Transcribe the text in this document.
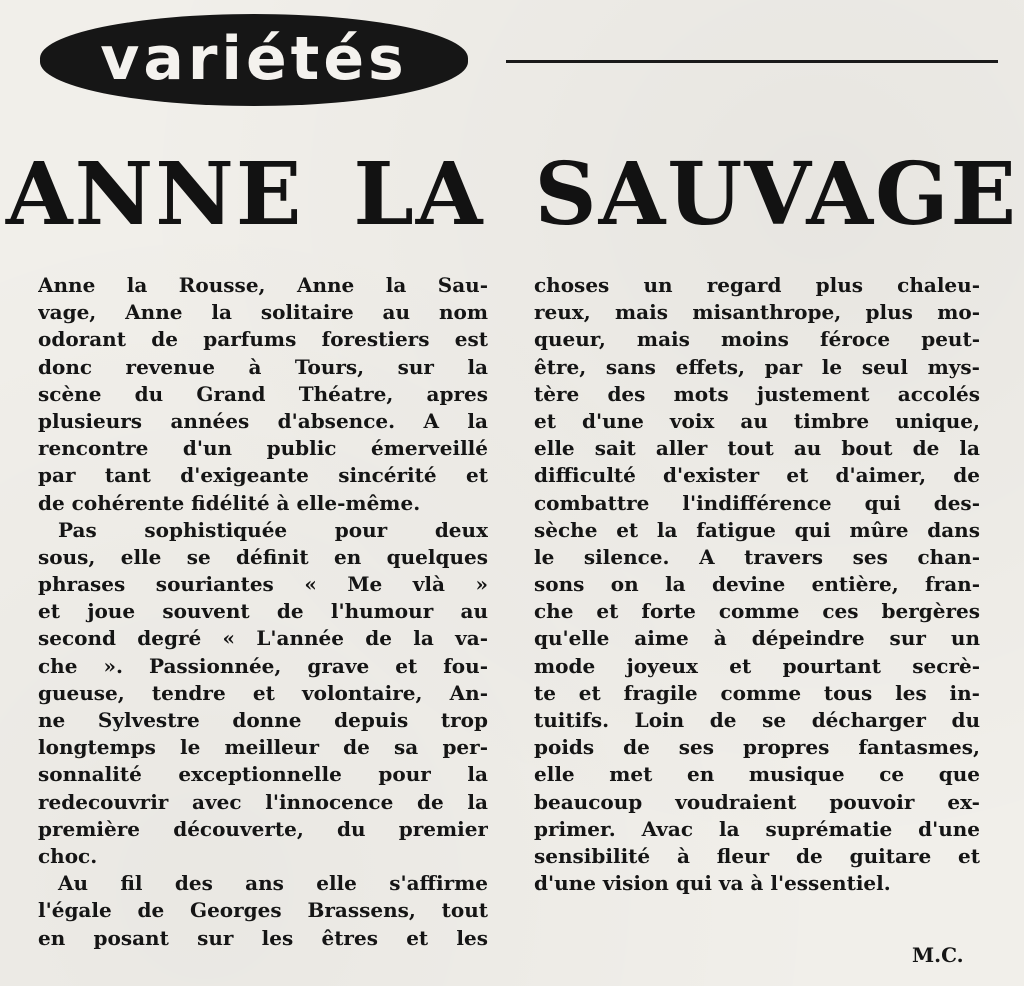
variétés
ANNE LA SAUVAGE
Anne la Rousse, Anne la Sau-
vage, Anne la solitaire au nom
odorant de parfums forestiers est
donc revenue à Tours, sur la
scène du Grand Théatre, apres
plusieurs années d'absence. A la
rencontre d'un public émerveillé
par tant d'exigeante sincérité et
de cohérente fidélité à elle-même.
Pas sophistiquée pour deux
sous, elle se définit en quelques
phrases souriantes « Me vlà »
et joue souvent de l'humour au
second degré « L'année de la va-
che ». Passionnée, grave et fou-
gueuse, tendre et volontaire, An-
ne Sylvestre donne depuis trop
longtemps le meilleur de sa per-
sonnalité exceptionnelle pour la
redecouvrir avec l'innocence de la
première découverte, du premier
choc.
Au fil des ans elle s'affirme
l'égale de Georges Brassens, tout
en posant sur les êtres et les
choses un regard plus chaleu-
reux, mais misanthrope, plus mo-
queur, mais moins féroce peut-
être, sans effets, par le seul mys-
tère des mots justement accolés
et d'une voix au timbre unique,
elle sait aller tout au bout de la
difficulté d'exister et d'aimer, de
combattre l'indifférence qui des-
sèche et la fatigue qui mûre dans
le silence. A travers ses chan-
sons on la devine entière, fran-
che et forte comme ces bergères
qu'elle aime à dépeindre sur un
mode joyeux et pourtant secrè-
te et fragile comme tous les in-
tuitifs. Loin de se décharger du
poids de ses propres fantasmes,
elle met en musique ce que
beaucoup voudraient pouvoir ex-
primer. Avac la suprématie d'une
sensibilité à fleur de guitare et
d'une vision qui va à l'essentiel.
M.C.
